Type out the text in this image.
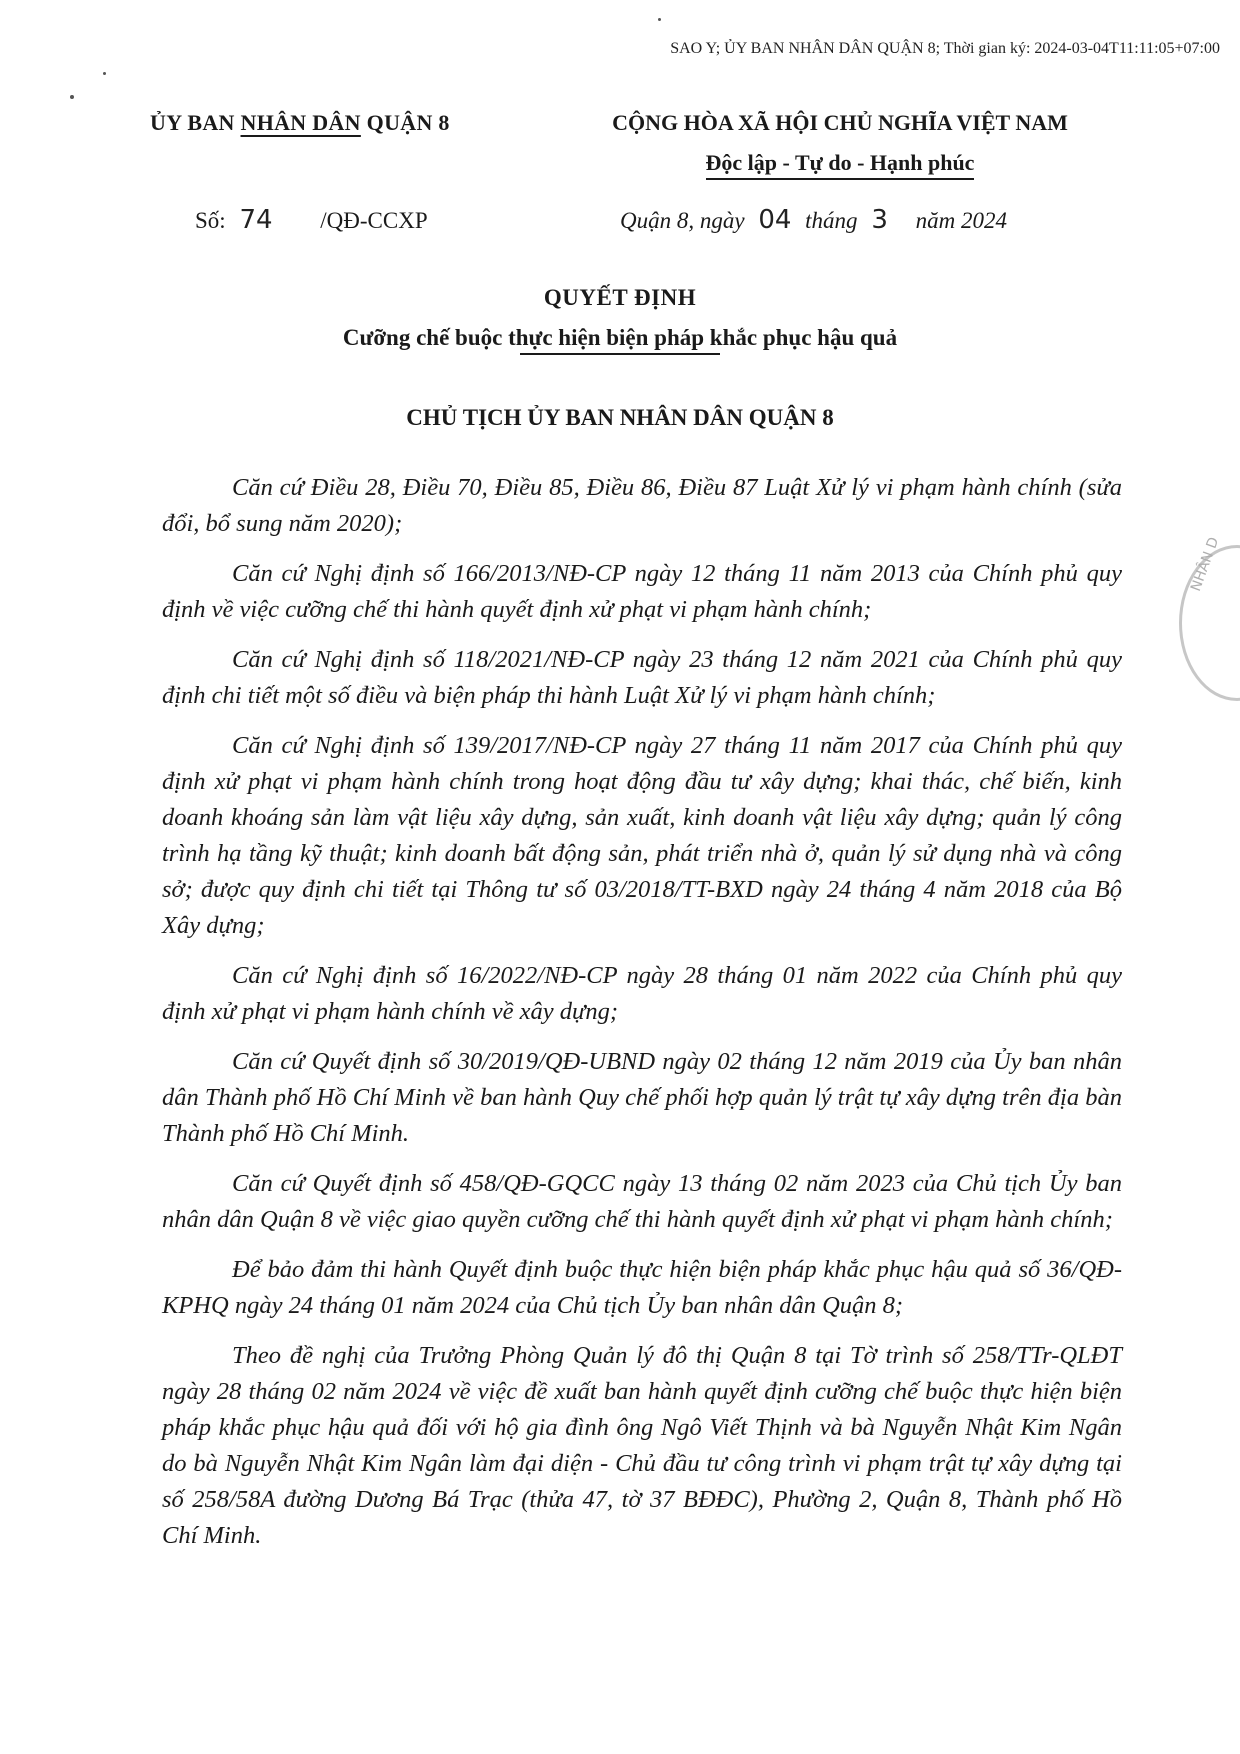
SAO Y; ỦY BAN NHÂN DÂN QUẬN 8; Thời gian ký: 2024-03-04T11:11:05+07:00
ỦY BAN NHÂN DÂN QUẬN 8	CỘNG HÒA XÃ HỘI CHỦ NGHĨA VIỆT NAM
Độc lập - Tự do - Hạnh phúc
Số: 74 /QĐ-CCXP	Quận 8, ngày 04 tháng 3 năm 2024
QUYẾT ĐỊNH
Cưỡng chế buộc thực hiện biện pháp khắc phục hậu quả
CHỦ TỊCH ỦY BAN NHÂN DÂN QUẬN 8

Căn cứ Điều 28, Điều 70, Điều 85, Điều 86, Điều 87 Luật Xử lý vi phạm hành chính (sửa đổi, bổ sung năm 2020);

Căn cứ Nghị định số 166/2013/NĐ-CP ngày 12 tháng 11 năm 2013 của Chính phủ quy định về việc cưỡng chế thi hành quyết định xử phạt vi phạm hành chính;

Căn cứ Nghị định số 118/2021/NĐ-CP ngày 23 tháng 12 năm 2021 của Chính phủ quy định chi tiết một số điều và biện pháp thi hành Luật Xử lý vi phạm hành chính;

Căn cứ Nghị định số 139/2017/NĐ-CP ngày 27 tháng 11 năm 2017 của Chính phủ quy định xử phạt vi phạm hành chính trong hoạt động đầu tư xây dựng; khai thác, chế biến, kinh doanh khoáng sản làm vật liệu xây dựng, sản xuất, kinh doanh vật liệu xây dựng; quản lý công trình hạ tầng kỹ thuật; kinh doanh bất động sản, phát triển nhà ở, quản lý sử dụng nhà và công sở; được quy định chi tiết tại Thông tư số 03/2018/TT-BXD ngày 24 tháng 4 năm 2018 của Bộ Xây dựng;

Căn cứ Nghị định số 16/2022/NĐ-CP ngày 28 tháng 01 năm 2022 của Chính phủ quy định xử phạt vi phạm hành chính về xây dựng;

Căn cứ Quyết định số 30/2019/QĐ-UBND ngày 02 tháng 12 năm 2019 của Ủy ban nhân dân Thành phố Hồ Chí Minh về ban hành Quy chế phối hợp quản lý trật tự xây dựng trên địa bàn Thành phố Hồ Chí Minh.

Căn cứ Quyết định số 458/QĐ-GQCC ngày 13 tháng 02 năm 2023 của Chủ tịch Ủy ban nhân dân Quận 8 về việc giao quyền cưỡng chế thi hành quyết định xử phạt vi phạm hành chính;

Để bảo đảm thi hành Quyết định buộc thực hiện biện pháp khắc phục hậu quả số 36/QĐ-KPHQ ngày 24 tháng 01 năm 2024 của Chủ tịch Ủy ban nhân dân Quận 8;

Theo đề nghị của Trưởng Phòng Quản lý đô thị Quận 8 tại Tờ trình số 258/TTr-QLĐT ngày 28 tháng 02 năm 2024 về việc đề xuất ban hành quyết định cưỡng chế buộc thực hiện biện pháp khắc phục hậu quả đối với hộ gia đình ông Ngô Viết Thịnh và bà Nguyễn Nhật Kim Ngân do bà Nguyễn Nhật Kim Ngân làm đại diện - Chủ đầu tư công trình vi phạm trật tự xây dựng tại số 258/58A đường Dương Bá Trạc (thửa 47, tờ 37 BĐĐC), Phường 2, Quận 8, Thành phố Hồ Chí Minh.

NHÂN D
